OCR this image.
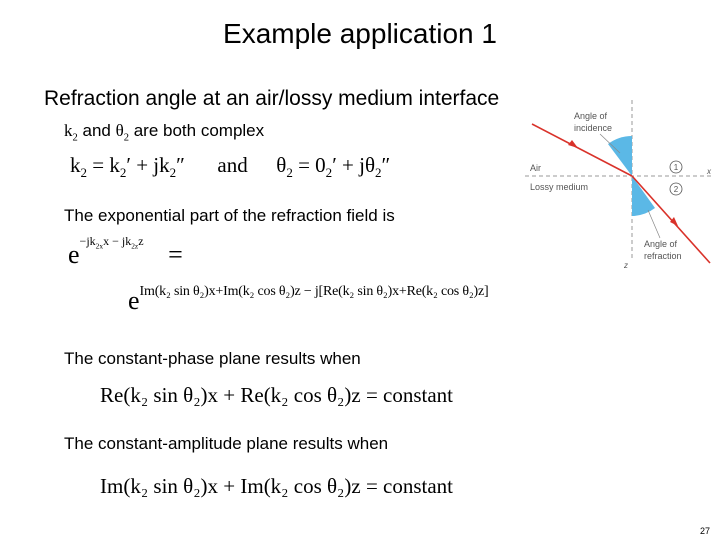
Example application 1
Refraction angle at an air/lossy medium interface
$k_2$ and $\theta_2$ are both complex
$k_2 = k_2' + jk_2''$ and $\theta_2 = 0_2' + j\theta_2''$
The exponential part of the refraction field is
$e^{-jk_{2x}x - jk_{2z}z}$ =
$e^{Im(k_2 sin \theta_2)x+Im(k_2 cos \theta_2)z - j[Re(k_2 sin \theta_2)x+Re(k_2 cos \theta_2)z]}$
The constant-phase plane results when
Re(k₂ sin θ₂)x + Re(k₂ cos θ₂)z = constant
The constant-amplitude plane results when
Im(k₂ sin θ₂)x + Im(k₂ cos θ₂)z = constant
27
Angle of
incidence
Air
Lossy medium
1
2
x
z
Angle of
refraction
